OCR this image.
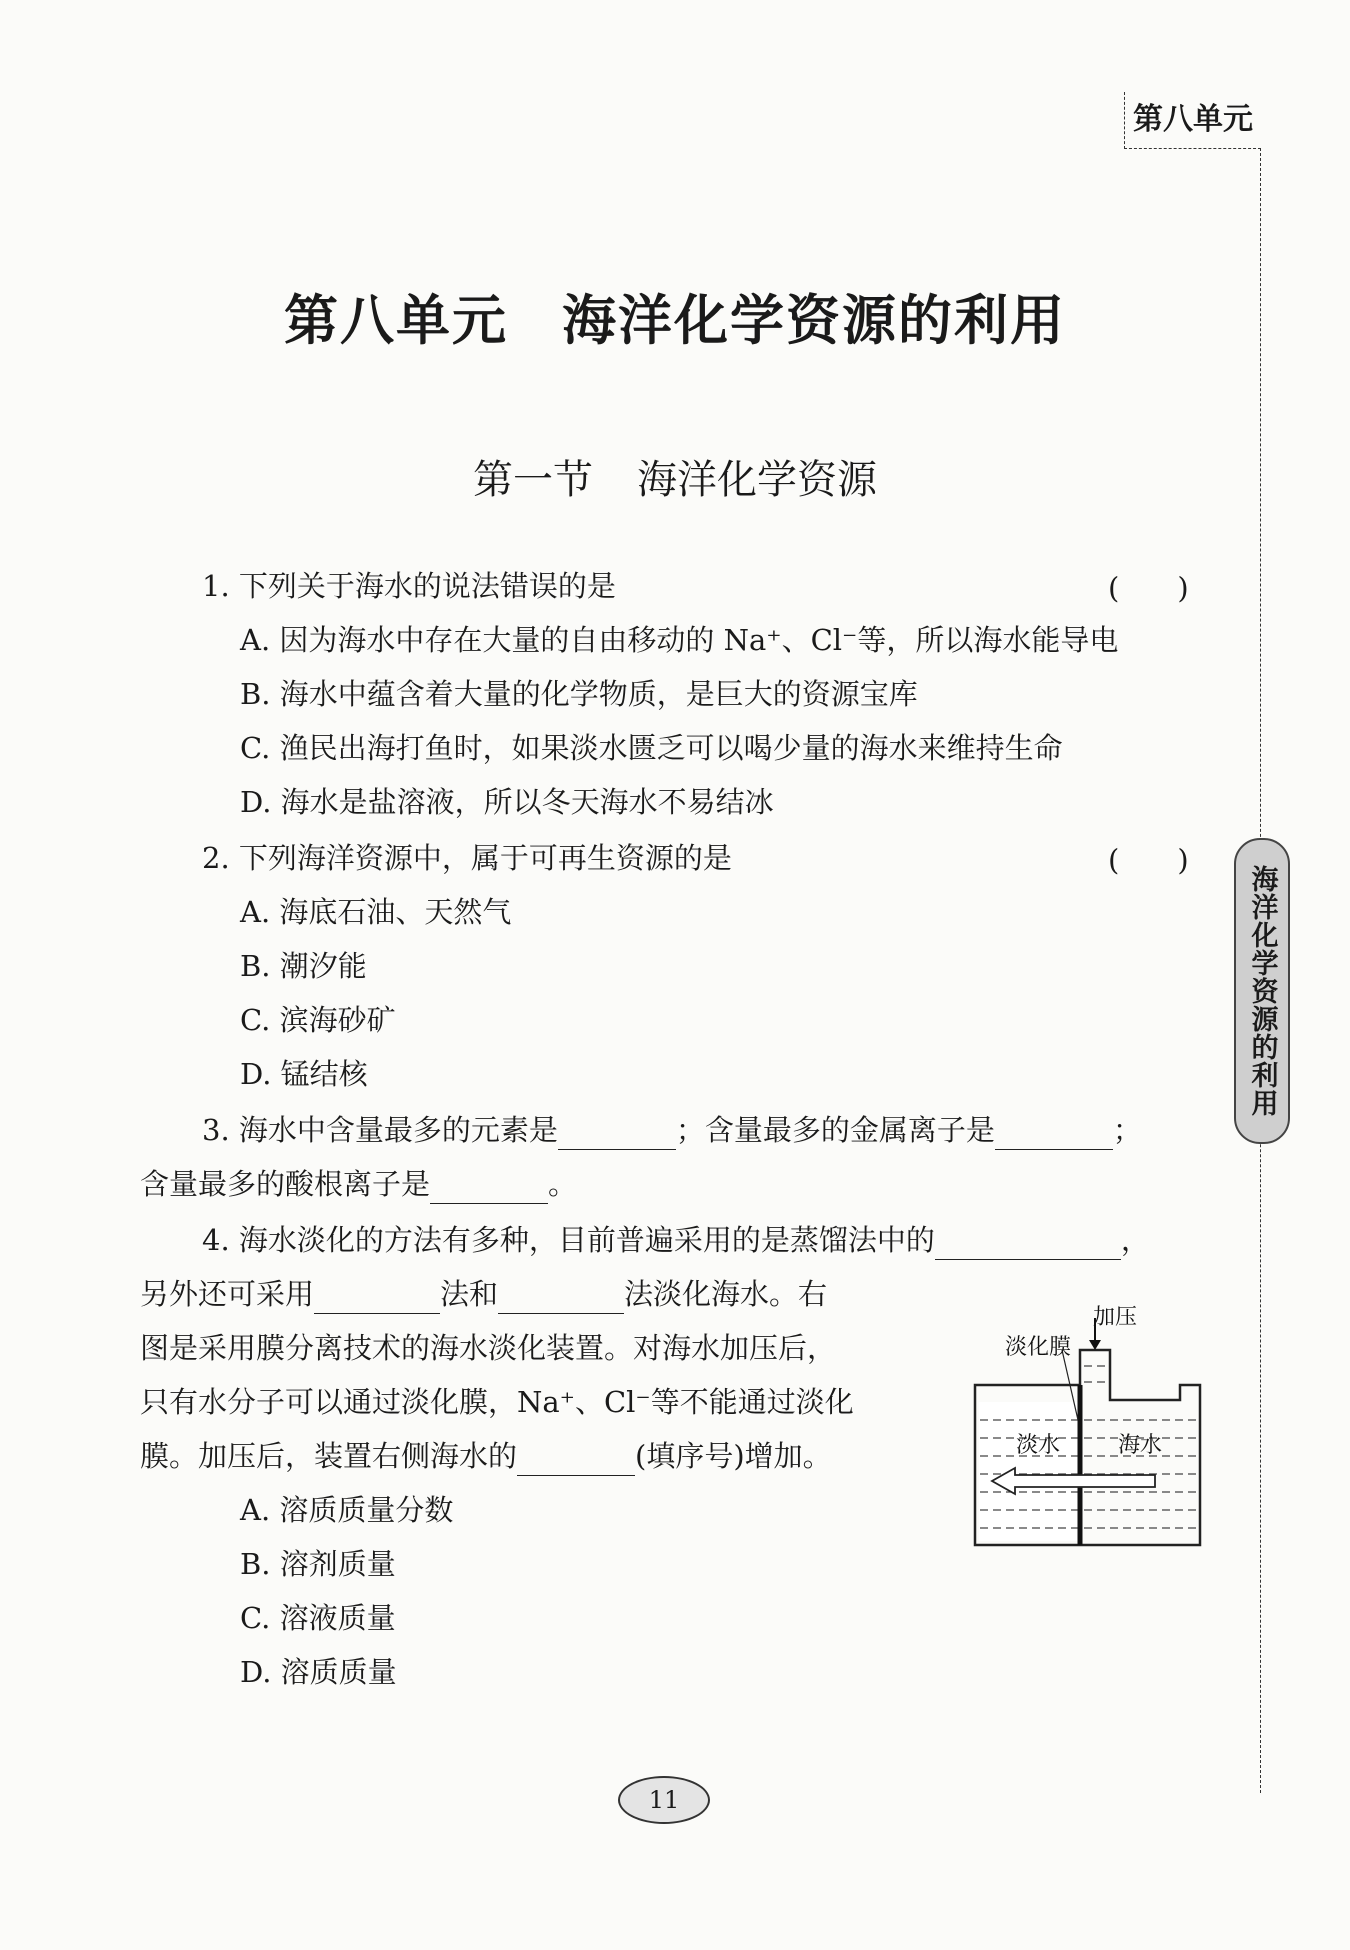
第八单元
海洋化学资源的利用
第八单元 海洋化学资源的利用
第一节 海洋化学资源
1. 下列关于海水的说法错误的是	(　　)
A. 因为海水中存在大量的自由移动的 Na⁺、Cl⁻等，所以海水能导电
B. 海水中蕴含着大量的化学物质，是巨大的资源宝库
C. 渔民出海打鱼时，如果淡水匮乏可以喝少量的海水来维持生命
D. 海水是盐溶液，所以冬天海水不易结冰
2. 下列海洋资源中，属于可再生资源的是	(　　)
A. 海底石油、天然气
B. 潮汐能
C. 滨海砂矿
D. 锰结核
3. 海水中含量最多的元素是	；含量最多的金属离子是	；
含量最多的酸根离子是	。
4. 海水淡化的方法有多种，目前普遍采用的是蒸馏法中的	，
另外还可采用	法和	法淡化海水。右
图是采用膜分离技术的海水淡化装置。对海水加压后，
只有水分子可以通过淡化膜，Na⁺、Cl⁻等不能通过淡化
膜。加压后，装置右侧海水的	(填序号)增加。
A. 溶质质量分数
B. 溶剂质量
C. 溶液质量
D. 溶质质量
加压
淡化膜
淡水	海水
11
